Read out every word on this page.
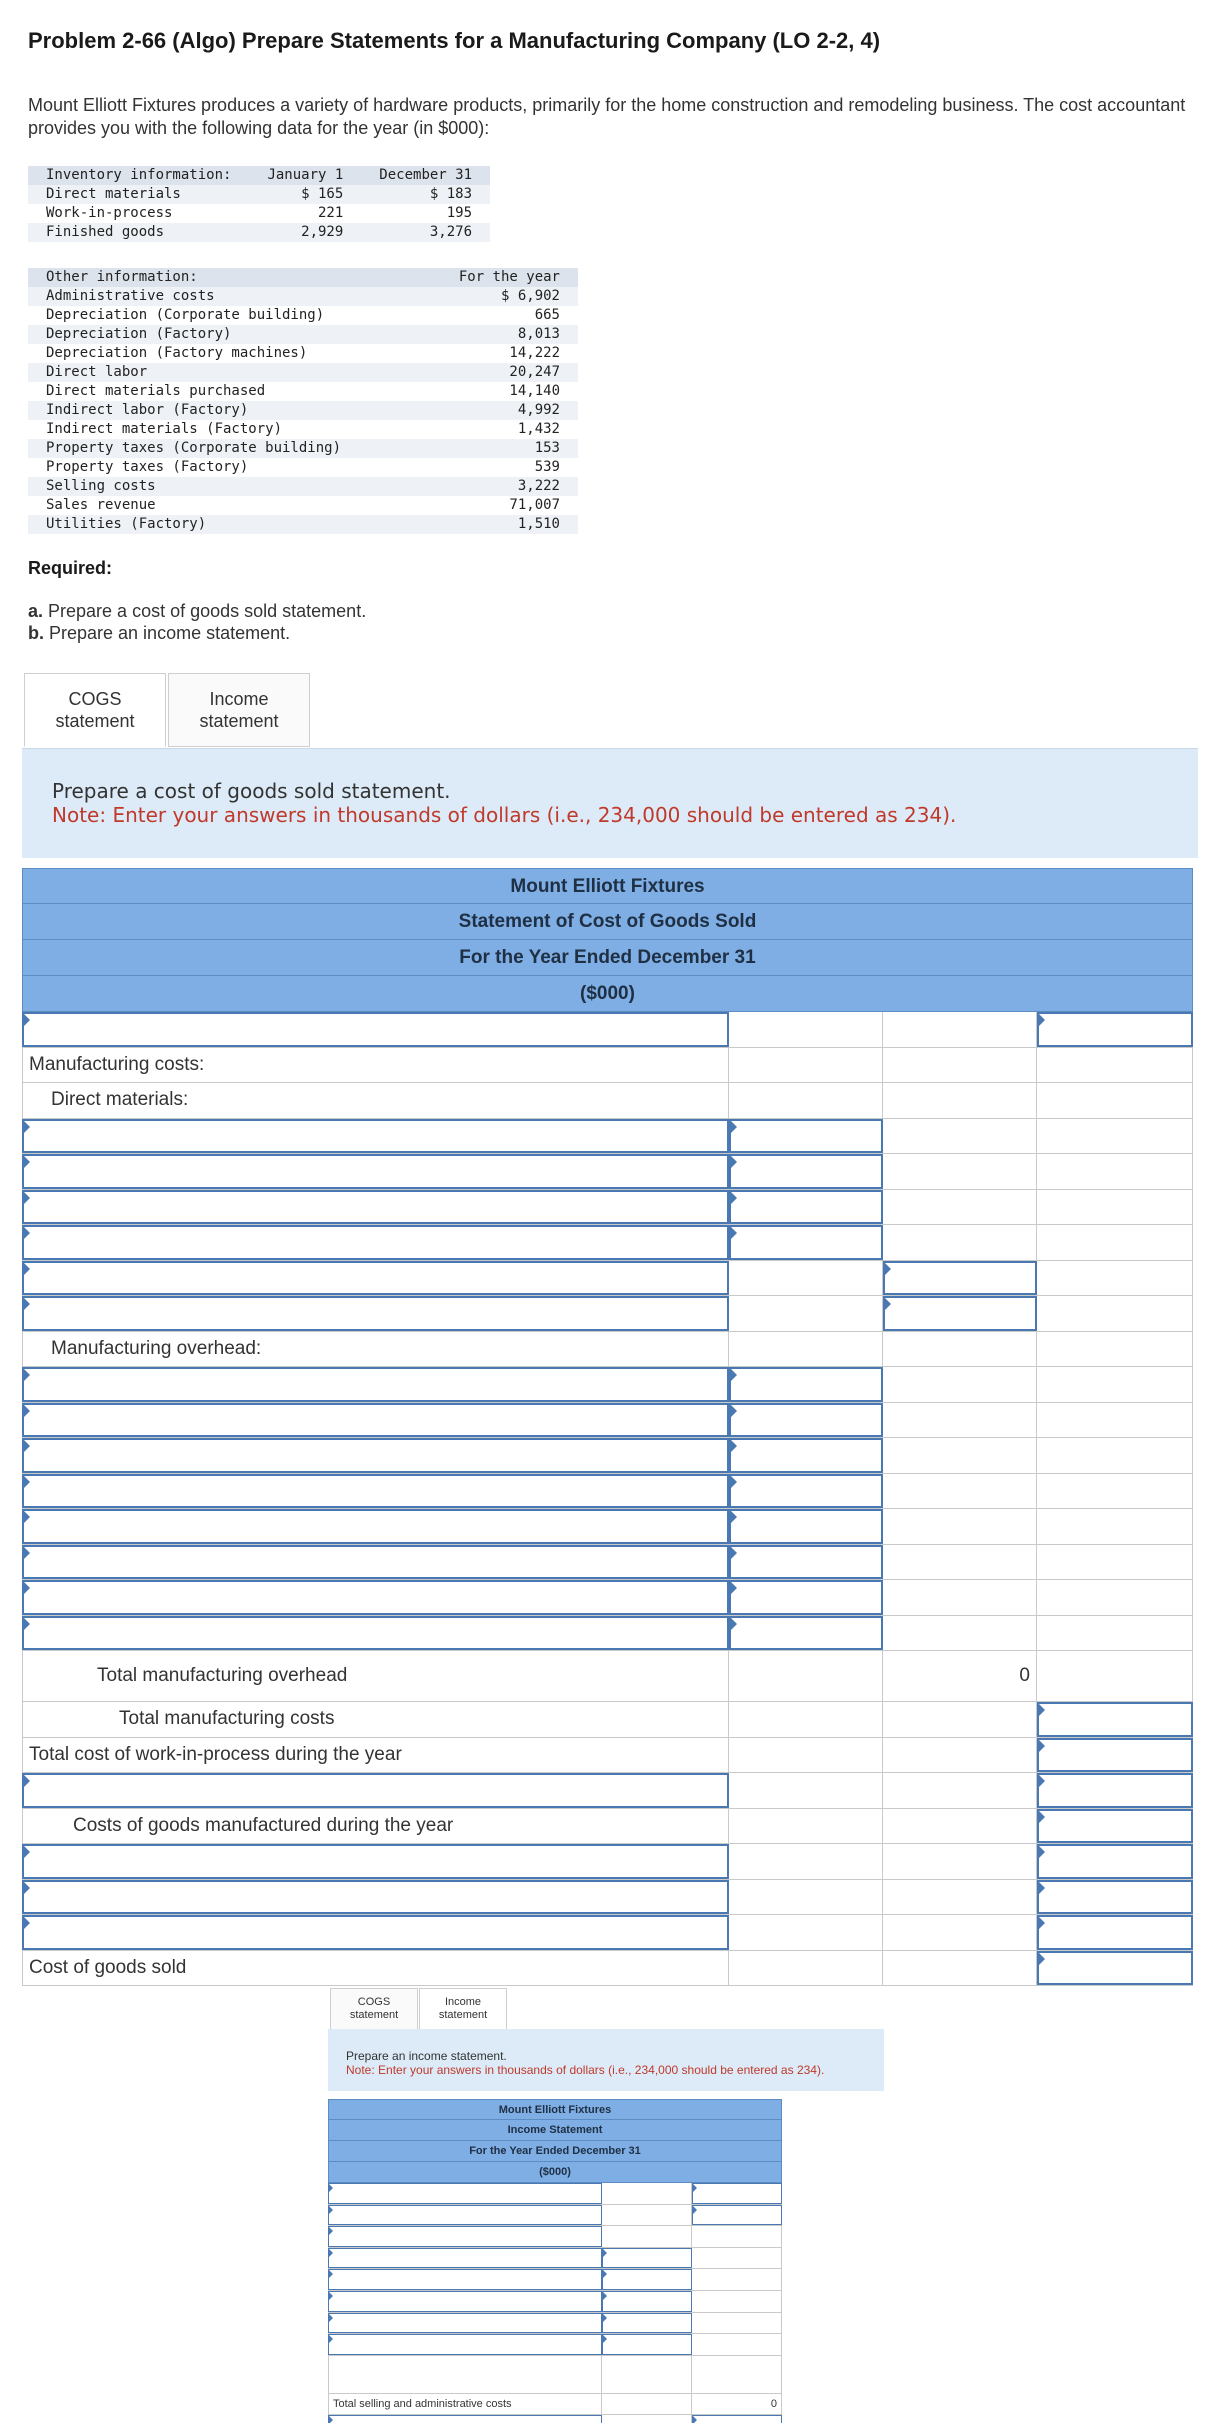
Problem 2-66 (Algo) Prepare Statements for a Manufacturing Company (LO 2-2, 4)
Mount Elliott Fixtures produces a variety of hardware products, primarily for the home construction and remodeling business. The cost accountant provides you with the following data for the year (in $000):
Inventory information:	January 1	December 31
Direct materials	$ 165	$ 183
Work-in-process	221	195
Finished goods	2,929	3,276
Other information:	For the year
Administrative costs	$ 6,902
Depreciation (Corporate building)	665
Depreciation (Factory)	8,013
Depreciation (Factory machines)	14,222
Direct labor	20,247
Direct materials purchased	14,140
Indirect labor (Factory)	4,992
Indirect materials (Factory)	1,432
Property taxes (Corporate building)	153
Property taxes (Factory)	539
Selling costs	3,222
Sales revenue	71,007
Utilities (Factory)	1,510
Required:
a. Prepare a cost of goods sold statement.
b. Prepare an income statement.
COGS
statement
Income
statement
Prepare a cost of goods sold statement.
Note: Enter your answers in thousands of dollars (i.e., 234,000 should be entered as 234).
Mount Elliott Fixtures
Statement of Cost of Goods Sold
For the Year Ended December 31
($000)
Manufacturing costs:
Direct materials:
Manufacturing overhead:
Total manufacturing overhead	0
Total manufacturing costs
Total cost of work-in-process during the year
Costs of goods manufactured during the year
Cost of goods sold
COGS
statement
Income
statement
Prepare an income statement.
Note: Enter your answers in thousands of dollars (i.e., 234,000 should be entered as 234).
Mount Elliott Fixtures
Income Statement
For the Year Ended December 31
($000)
Total selling and administrative costs	0
